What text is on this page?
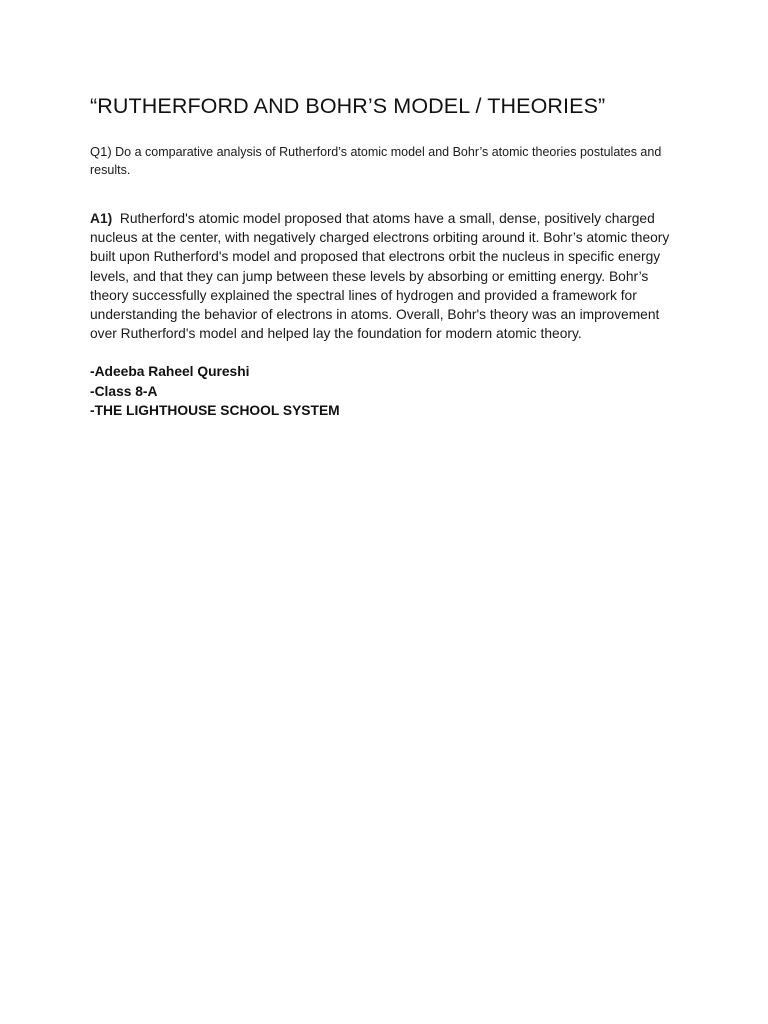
“RUTHERFORD AND BOHR’S MODEL / THEORIES”
Q1) Do a comparative analysis of Rutherford’s atomic model and Bohr’s atomic theories postulates and results.
A1) Rutherford's atomic model proposed that atoms have a small, dense, positively charged nucleus at the center, with negatively charged electrons orbiting around it. Bohr’s atomic theory built upon Rutherford's model and proposed that electrons orbit the nucleus in specific energy levels, and that they can jump between these levels by absorbing or emitting energy. Bohr’s theory successfully explained the spectral lines of hydrogen and provided a framework for understanding the behavior of electrons in atoms. Overall, Bohr's theory was an improvement over Rutherford's model and helped lay the foundation for modern atomic theory.
-Adeeba Raheel Qureshi
-Class 8-A
-THE LIGHTHOUSE SCHOOL SYSTEM
